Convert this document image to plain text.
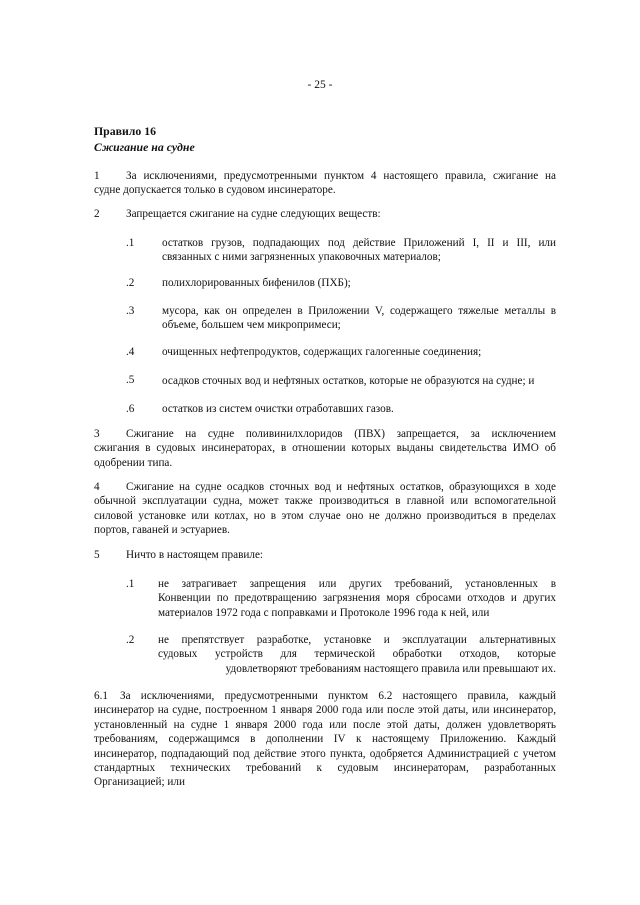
- 25 -
Правило 16
Сжигание на судне
1	За исключениями, предусмотренными пунктом 4 настоящего правила, сжигание на
судне допускается только в судовом инсинераторе.
2 Запрещается сжигание на судне следующих веществ:
.1 остатков грузов, подпадающих под действие Приложений I, II и III, или
связанных с ними загрязненных упаковочных материалов;
.2 полихлорированных бифенилов (ПХБ);
.3 мусора, как он определен в Приложении V, содержащего тяжелые металлы в
объеме, большем чем микропримеси;
.4 очищенных нефтепродуктов, содержащих галогенные соединения;
.5 осадков сточных вод и нефтяных остатков, которые не образуются на судне; и
.6 остатков из систем очистки отработавших газов.
3	Сжигание на судне поливинилхлоридов (ПВХ) запрещается, за исключением
сжигания в судовых инсинераторах, в отношении которых выданы свидетельства ИМО об
одобрении типа.
4	Сжигание на судне осадков сточных вод и нефтяных остатков, образующихся в ходе
обычной эксплуатации судна, может также производиться в главной или вспомогательной
силовой установке или котлах, но в этом случае оно не должно производиться в пределах
портов, гаваней и эстуариев.
5 Ничто в настоящем правиле:
.1 не затрагивает запрещения или других требований, установленных в
Конвенции по предотвращению загрязнения моря сбросами отходов и других
материалов 1972 года с поправками и Протоколе 1996 года к ней, или
.2 не препятствует разработке, установке и эксплуатации альтернативных
судовых устройств для термической обработки отходов, которые
удовлетворяют требованиям настоящего правила или превышают их.
6.1	За исключениями, предусмотренными пунктом 6.2 настоящего правила, каждый
инсинератор на судне, построенном 1 января 2000 года или после этой даты, или инсинератор,
установленный на судне 1 января 2000 года или после этой даты, должен удовлетворять
требованиям, содержащимся в дополнении IV к настоящему Приложению. Каждый
инсинератор, подпадающий под действие этого пункта, одобряется Администрацией с учетом
стандартных технических требований к судовым инсинераторам, разработанных
Организацией; или
